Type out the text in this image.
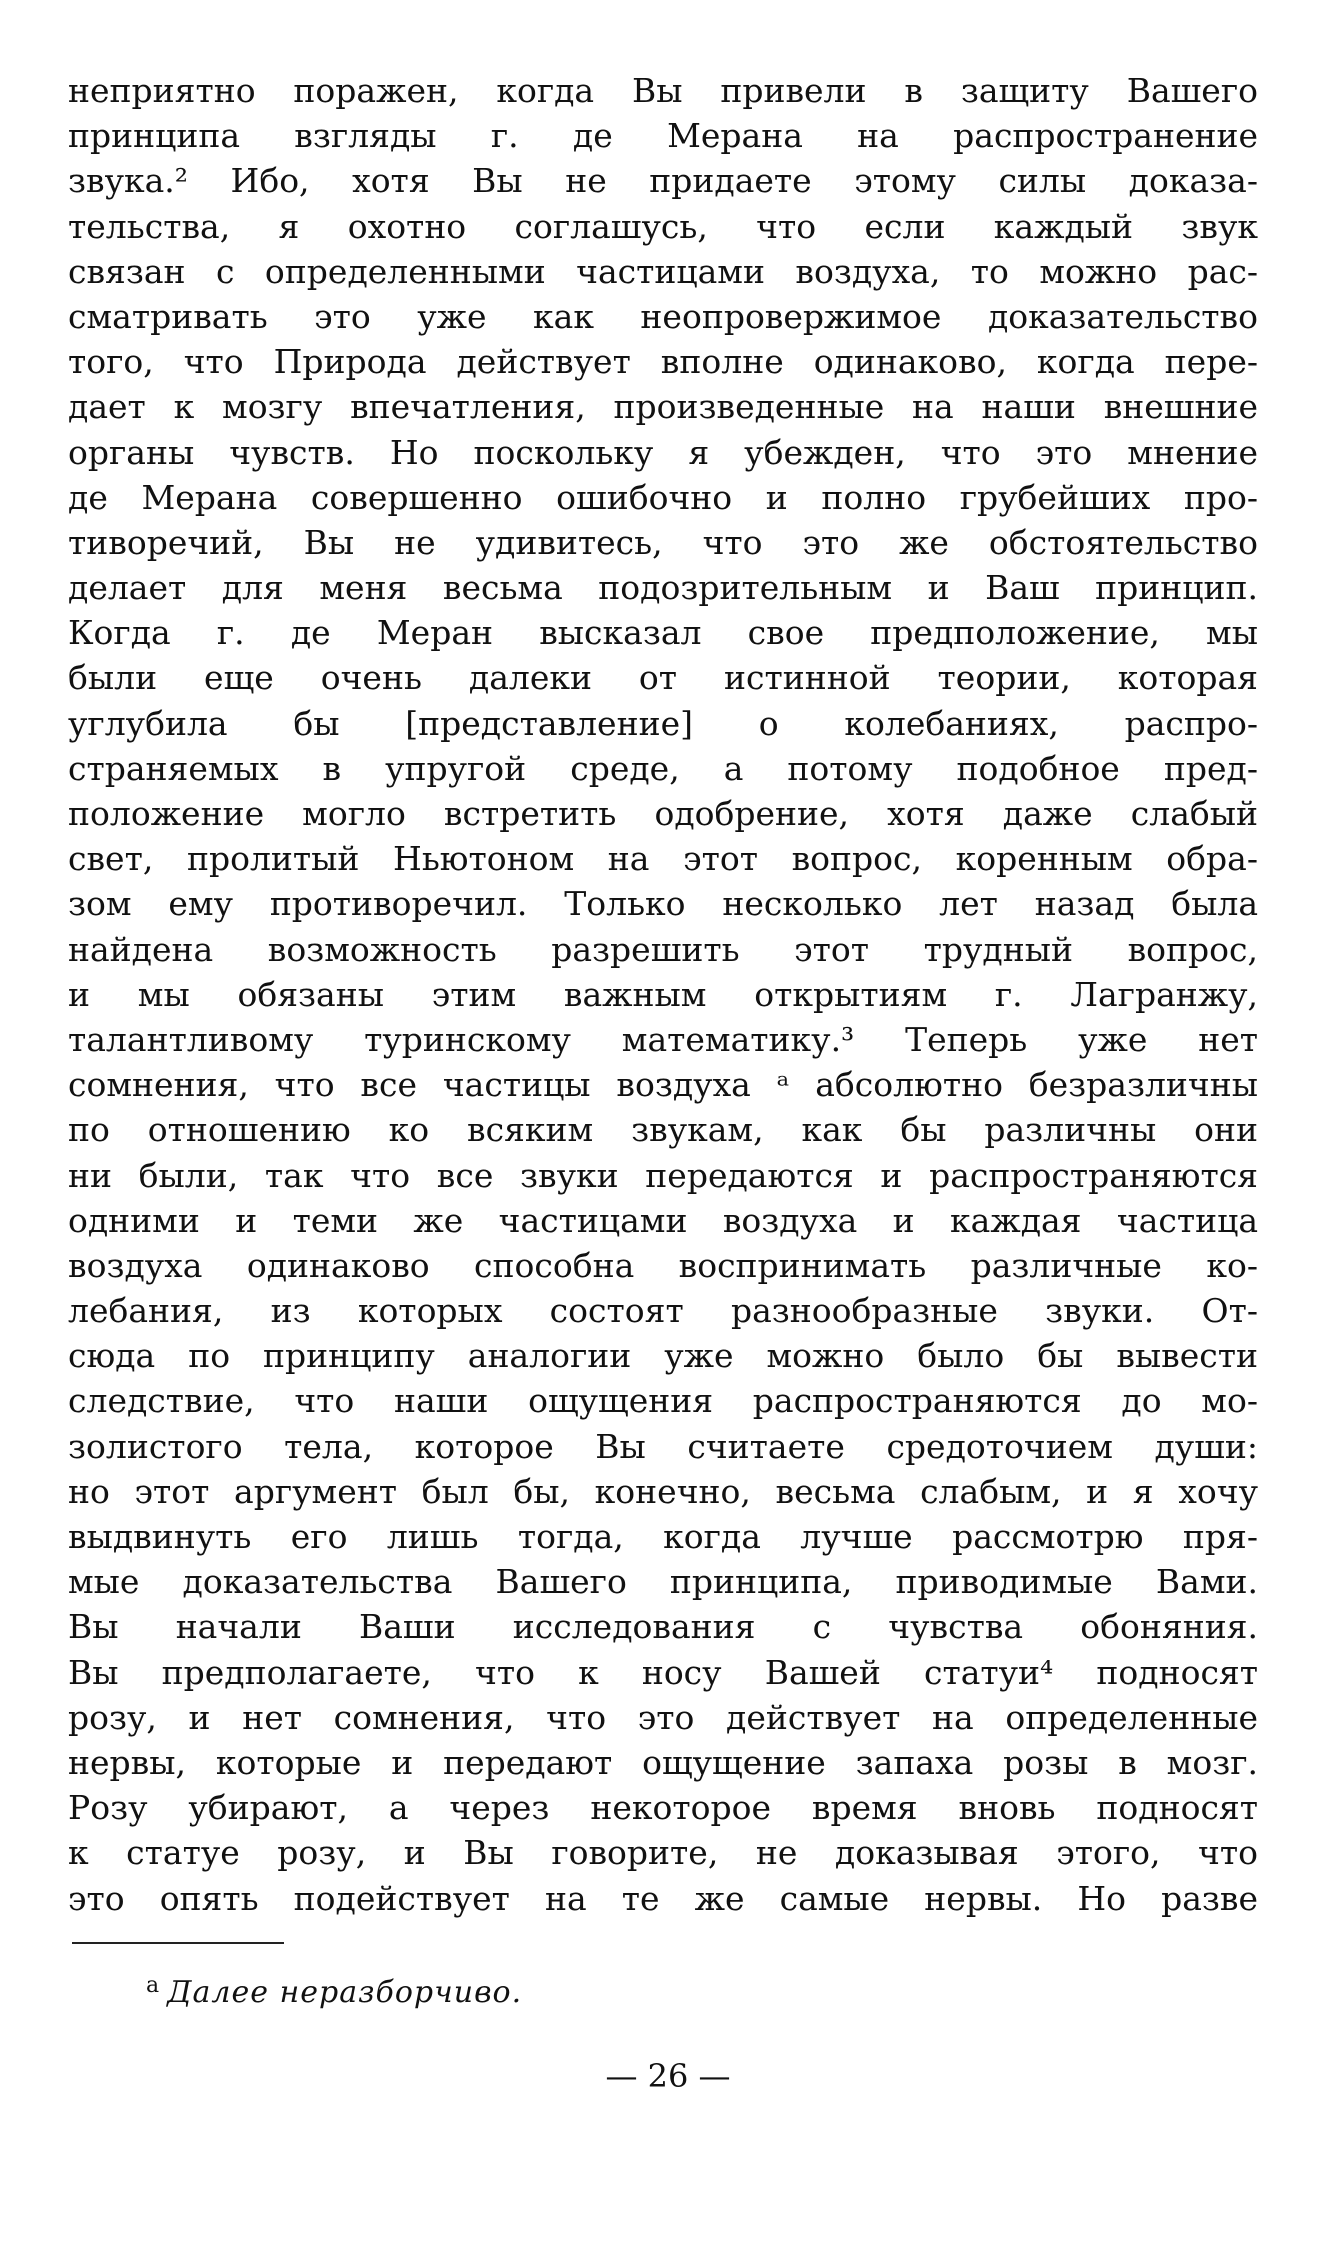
неприятно поражен, когда Вы привели в защиту Вашего
принципа взгляды г. де Мерана на распространение
звука.² Ибо, хотя Вы не придаете этому силы доказа-
тельства, я охотно соглашусь, что если каждый звук
связан с определенными частицами воздуха, то можно рас-
сматривать это уже как неопровержимое доказательство
того, что Природа действует вполне одинаково, когда пере-
дает к мозгу впечатления, произведенные на наши внешние
органы чувств. Но поскольку я убежден, что это мнение
де Мерана совершенно ошибочно и полно грубейших про-
тиворечий, Вы не удивитесь, что это же обстоятельство
делает для меня весьма подозрительным и Ваш принцип.
Когда г. де Меран высказал свое предположение, мы
были еще очень далеки от истинной теории, которая
углубила бы [представление] о колебаниях, распро-
страняемых в упругой среде, а потому подобное пред-
положение могло встретить одобрение, хотя даже слабый
свет, пролитый Ньютоном на этот вопрос, коренным обра-
зом ему противоречил. Только несколько лет назад была
найдена возможность разрешить этот трудный вопрос,
и мы обязаны этим важным открытиям г. Лагранжу,
талантливому туринскому математику.³ Теперь уже нет
сомнения, что все частицы воздуха ᵃ абсолютно безразличны
по отношению ко всяким звукам, как бы различны они
ни были, так что все звуки передаются и распространяются
одними и теми же частицами воздуха и каждая частица
воздуха одинаково способна воспринимать различные ко-
лебания, из которых состоят разнообразные звуки. От-
сюда по принципу аналогии уже можно было бы вывести
следствие, что наши ощущения распространяются до мо-
золистого тела, которое Вы считаете средоточием души:
но этот аргумент был бы, конечно, весьма слабым, и я хочу
выдвинуть его лишь тогда, когда лучше рассмотрю пря-
мые доказательства Вашего принципа, приводимые Вами.
Вы начали Ваши исследования с чувства обоняния.
Вы предполагаете, что к носу Вашей статуи⁴ подносят
розу, и нет сомнения, что это действует на определенные
нервы, которые и передают ощущение запаха розы в мозг.
Розу убирают, а через некоторое время вновь подносят
к статуе розу, и Вы говорите, не доказывая этого, что
это опять подействует на те же самые нервы. Но разве
$^а$ Далее неразборчиво.
— 26 —
